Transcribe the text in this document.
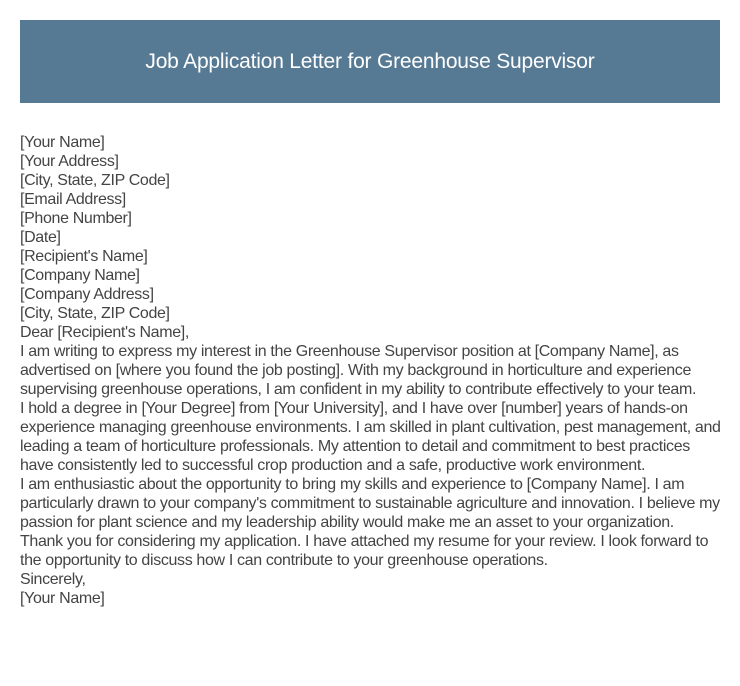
Job Application Letter for Greenhouse Supervisor

[Your Name]

[Your Address]

[City, State, ZIP Code]

[Email Address]

[Phone Number]

[Date]

[Recipient's Name]

[Company Name]

[Company Address]

[City, State, ZIP Code]

Dear [Recipient's Name],

I am writing to express my interest in the Greenhouse Supervisor position at [Company Name], as advertised on [where you found the job posting]. With my background in horticulture and experience supervising greenhouse operations, I am confident in my ability to contribute effectively to your team.

I hold a degree in [Your Degree] from [Your University], and I have over [number] years of hands-on experience managing greenhouse environments. I am skilled in plant cultivation, pest management, and leading a team of horticulture professionals. My attention to detail and commitment to best practices have consistently led to successful crop production and a safe, productive work environment.

I am enthusiastic about the opportunity to bring my skills and experience to [Company Name]. I am particularly drawn to your company's commitment to sustainable agriculture and innovation. I believe my passion for plant science and my leadership ability would make me an asset to your organization.

Thank you for considering my application. I have attached my resume for your review. I look forward to the opportunity to discuss how I can contribute to your greenhouse operations.

Sincerely,

[Your Name]
